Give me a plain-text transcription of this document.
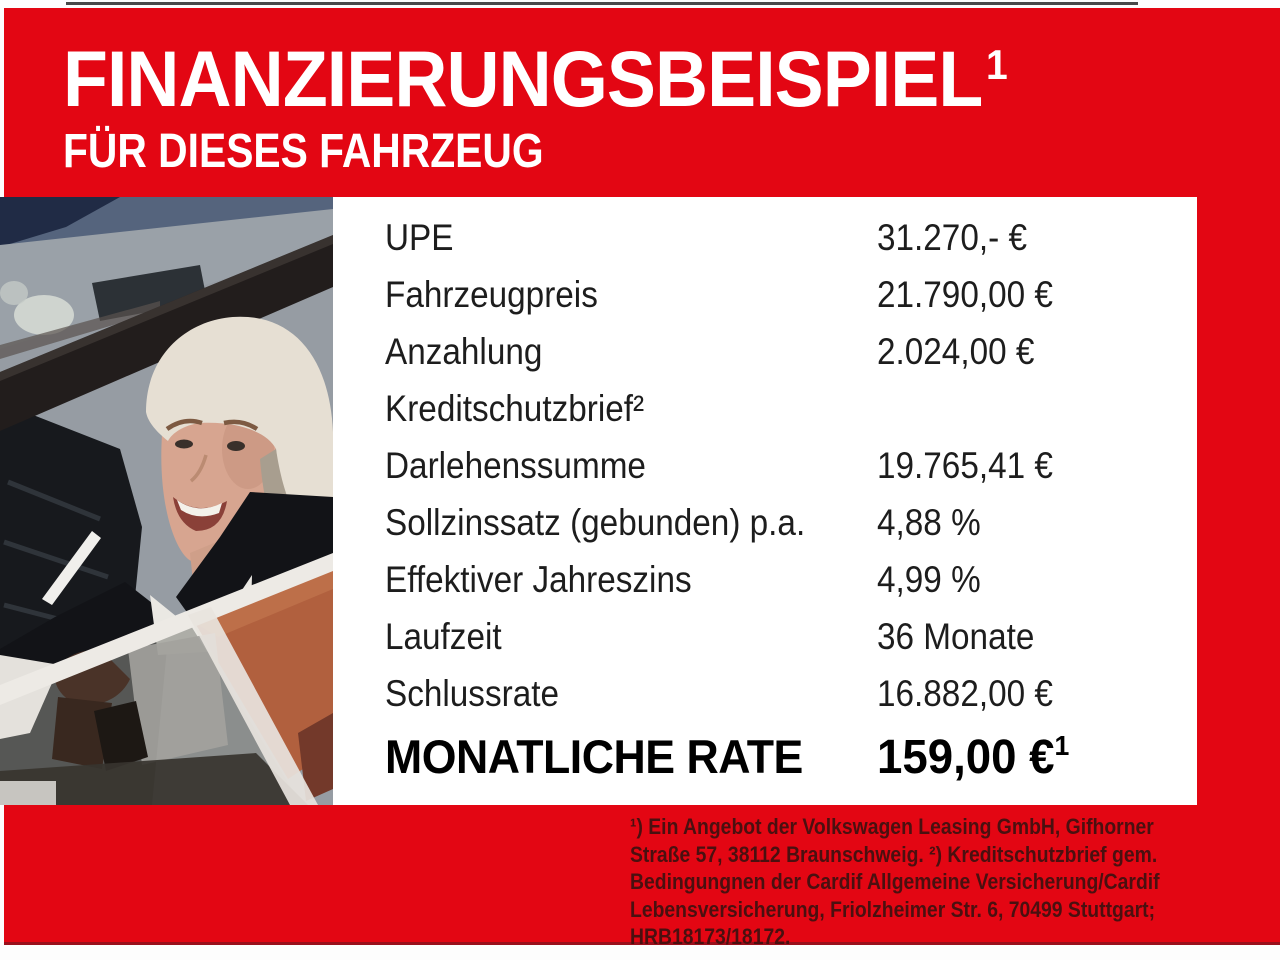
FINANZIERUNGSBEISPIEL$^1$
FÜR DIESES FAHRZEUG
UPE	31.270,- €
Fahrzeugpreis	21.790,00 €
Anzahlung	2.024,00 €
Kreditschutzbrief²
Darlehenssumme	19.765,41 €
Sollzinssatz (gebunden) p.a. 4,88 %
Effektiver Jahreszins	4,99 %
Laufzeit	36 Monate
Schlussrate	16.882,00 €
MONATLICHE RATE 159,00 €$^1$
¹) Ein Angebot der Volkswagen Leasing GmbH, Gifhorner
Straße 57, 38112 Braunschweig. ²) Kreditschutzbrief gem.
Bedingungnen der Cardif Allgemeine Versicherung/Cardif
Lebensversicherung, Friolzheimer Str. 6, 70499 Stuttgart;
HRB18173/18172.
